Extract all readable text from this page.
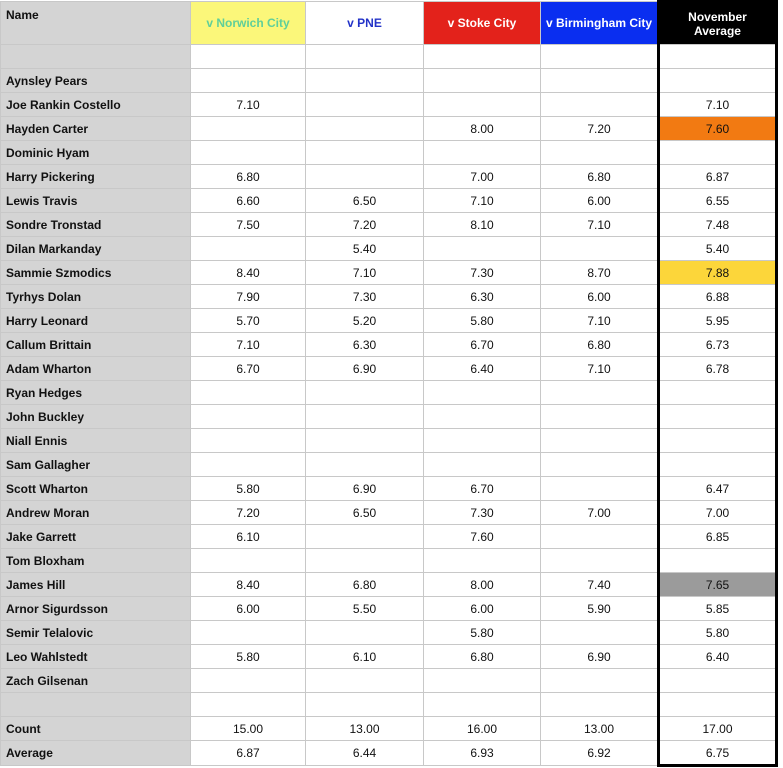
Name	v Norwich City	v PNE	v Stoke City	v Birmingham City	November
Average	

Aynsley Pears						
Joe Rankin Costello	7.10				7.10	
Hayden Carter			8.00	7.20	7.60	
Dominic Hyam						
Harry Pickering	6.80		7.00	6.80	6.87	
Lewis Travis	6.60	6.50	7.10	6.00	6.55	
Sondre Tronstad	7.50	7.20	8.10	7.10	7.48	
Dilan Markanday		5.40			5.40	
Sammie Szmodics	8.40	7.10	7.30	8.70	7.88	
Tyrhys Dolan	7.90	7.30	6.30	6.00	6.88	
Harry Leonard	5.70	5.20	5.80	7.10	5.95	
Callum Brittain	7.10	6.30	6.70	6.80	6.73	
Adam Wharton	6.70	6.90	6.40	7.10	6.78	
Ryan Hedges						
John Buckley						
Niall Ennis						
Sam Gallagher						
Scott Wharton	5.80	6.90	6.70		6.47	
Andrew Moran	7.20	6.50	7.30	7.00	7.00	
Jake Garrett	6.10		7.60		6.85	
Tom Bloxham						
James Hill	8.40	6.80	8.00	7.40	7.65	
Arnor Sigurdsson	6.00	5.50	6.00	5.90	5.85	
Semir Telalovic			5.80		5.80	
Leo Wahlstedt	5.80	6.10	6.80	6.90	6.40	
Zach Gilsenan						

Count	15.00	13.00	16.00	13.00	17.00	
Average	6.87	6.44	6.93	6.92	6.75	
